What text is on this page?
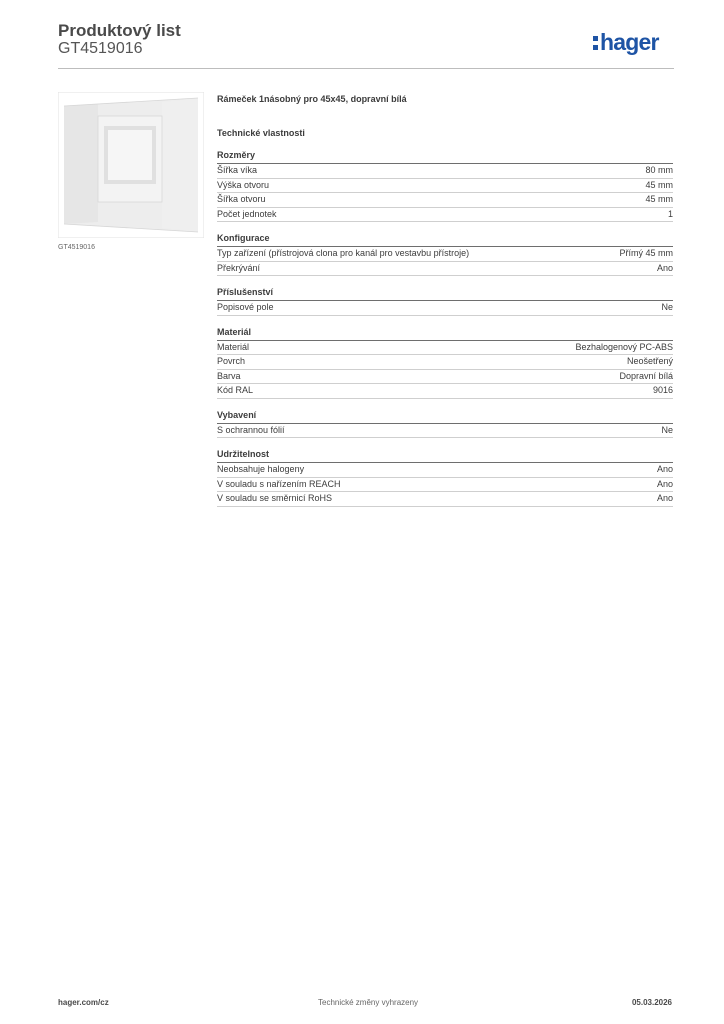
Produktový list
GT4519016	hager
GT4519016
Rámeček 1násobný pro 45x45, dopravní bílá
Technické vlastnosti
Rozměry
Šířka víka	80 mm
Výška otvoru	45 mm
Šířka otvoru	45 mm
Počet jednotek	1
Konfigurace
Typ zařízení (přístrojová clona pro kanál pro vestavbu přístroje)	Přímý 45 mm
Překrývání	Ano
Příslušenství
Popisové pole	Ne
Materiál
Materiál	Bezhalogenový PC-ABS
Povrch	Neošetřený
Barva	Dopravní bílá
Kód RAL	9016
Vybavení
S ochrannou fólií	Ne
Udržitelnost
Neobsahuje halogeny	Ano
V souladu s nařízením REACH	Ano
V souladu se směrnicí RoHS	Ano
hager.com/cz	Technické změny vyhrazeny	05.03.2026
